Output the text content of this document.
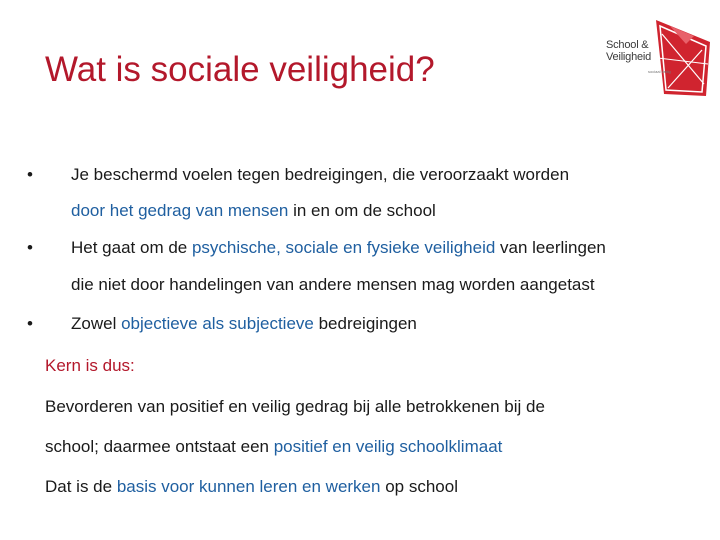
Wat is sociale veiligheid?
School &
Veiligheid
sociaal veilig
• Je beschermd voelen tegen bedreigingen, die veroorzaakt worden
door het gedrag van mensen in en om de school
• Het gaat om de psychische, sociale en fysieke veiligheid van leerlingen
die niet door handelingen van andere mensen mag worden aangetast
• Zowel objectieve als subjectieve bedreigingen
Kern is dus:
Bevorderen van positief en veilig gedrag bij alle betrokkenen bij de
school; daarmee ontstaat een positief en veilig schoolklimaat
Dat is de basis voor kunnen leren en werken op school
